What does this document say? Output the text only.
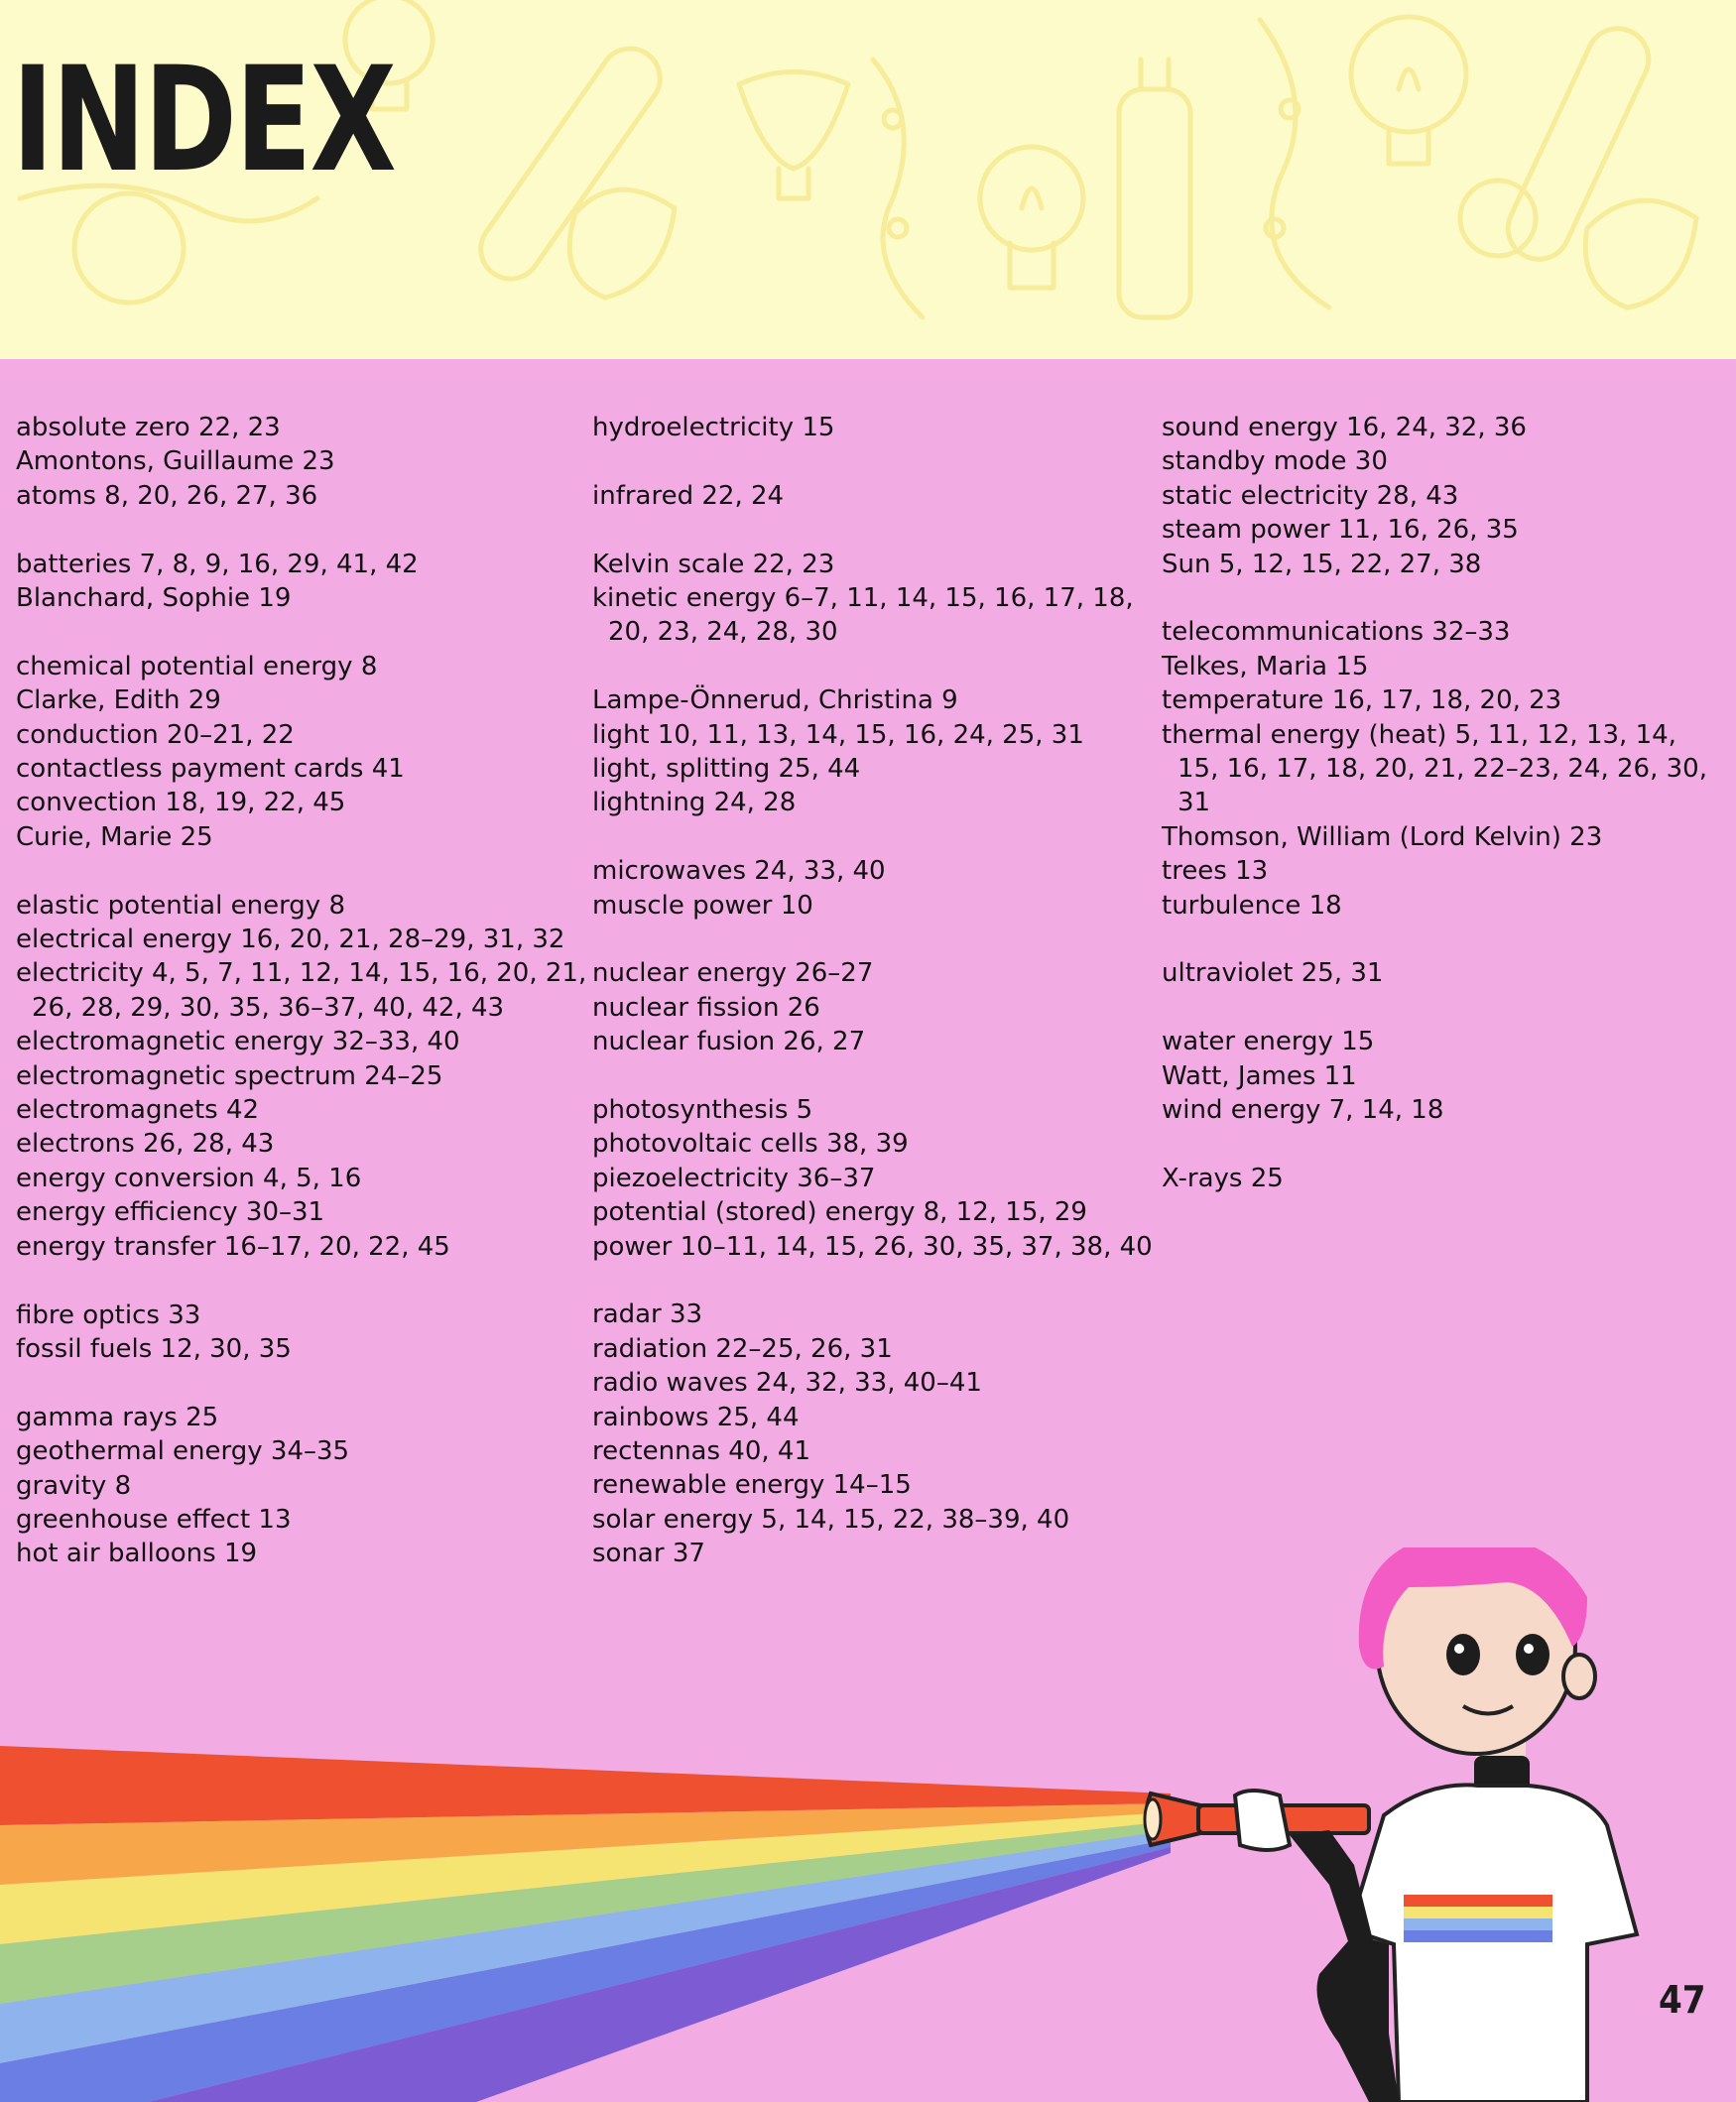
INDEX
absolute zero 22, 23
Amontons, Guillaume 23
atoms 8, 20, 26, 27, 36
batteries 7, 8, 9, 16, 29, 41, 42
Blanchard, Sophie 19
chemical potential energy 8
Clarke, Edith 29
conduction 20–21, 22
contactless payment cards 41
convection 18, 19, 22, 45
Curie, Marie 25
elastic potential energy 8
electrical energy 16, 20, 21, 28–29, 31, 32
electricity 4, 5, 7, 11, 12, 14, 15, 16, 20, 21, 26, 28, 29, 30, 35, 36–37, 40, 42, 43
electromagnetic energy 32–33, 40
electromagnetic spectrum 24–25
electromagnets 42
electrons 26, 28, 43
energy conversion 4, 5, 16
energy efficiency 30–31
energy transfer 16–17, 20, 22, 45
fibre optics 33
fossil fuels 12, 30, 35
gamma rays 25
geothermal energy 34–35
gravity 8
greenhouse effect 13
hot air balloons 19
hydroelectricity 15
infrared 22, 24
Kelvin scale 22, 23
kinetic energy 6–7, 11, 14, 15, 16, 17, 18, 20, 23, 24, 28, 30
Lampe-Önnerud, Christina 9
light 10, 11, 13, 14, 15, 16, 24, 25, 31
light, splitting 25, 44
lightning 24, 28
microwaves 24, 33, 40
muscle power 10
nuclear energy 26–27
nuclear fission 26
nuclear fusion 26, 27
photosynthesis 5
photovoltaic cells 38, 39
piezoelectricity 36–37
potential (stored) energy 8, 12, 15, 29
power 10–11, 14, 15, 26, 30, 35, 37, 38, 40
radar 33
radiation 22–25, 26, 31
radio waves 24, 32, 33, 40–41
rainbows 25, 44
rectennas 40, 41
renewable energy 14–15
solar energy 5, 14, 15, 22, 38–39, 40
sonar 37
sound energy 16, 24, 32, 36
standby mode 30
static electricity 28, 43
steam power 11, 16, 26, 35
Sun 5, 12, 15, 22, 27, 38
telecommunications 32–33
Telkes, Maria 15
temperature 16, 17, 18, 20, 23
thermal energy (heat) 5, 11, 12, 13, 14, 15, 16, 17, 18, 20, 21, 22–23, 24, 26, 30, 31
Thomson, William (Lord Kelvin) 23
trees 13
turbulence 18
ultraviolet 25, 31
water energy 15
Watt, James 11
wind energy 7, 14, 18
X-rays 25
47
